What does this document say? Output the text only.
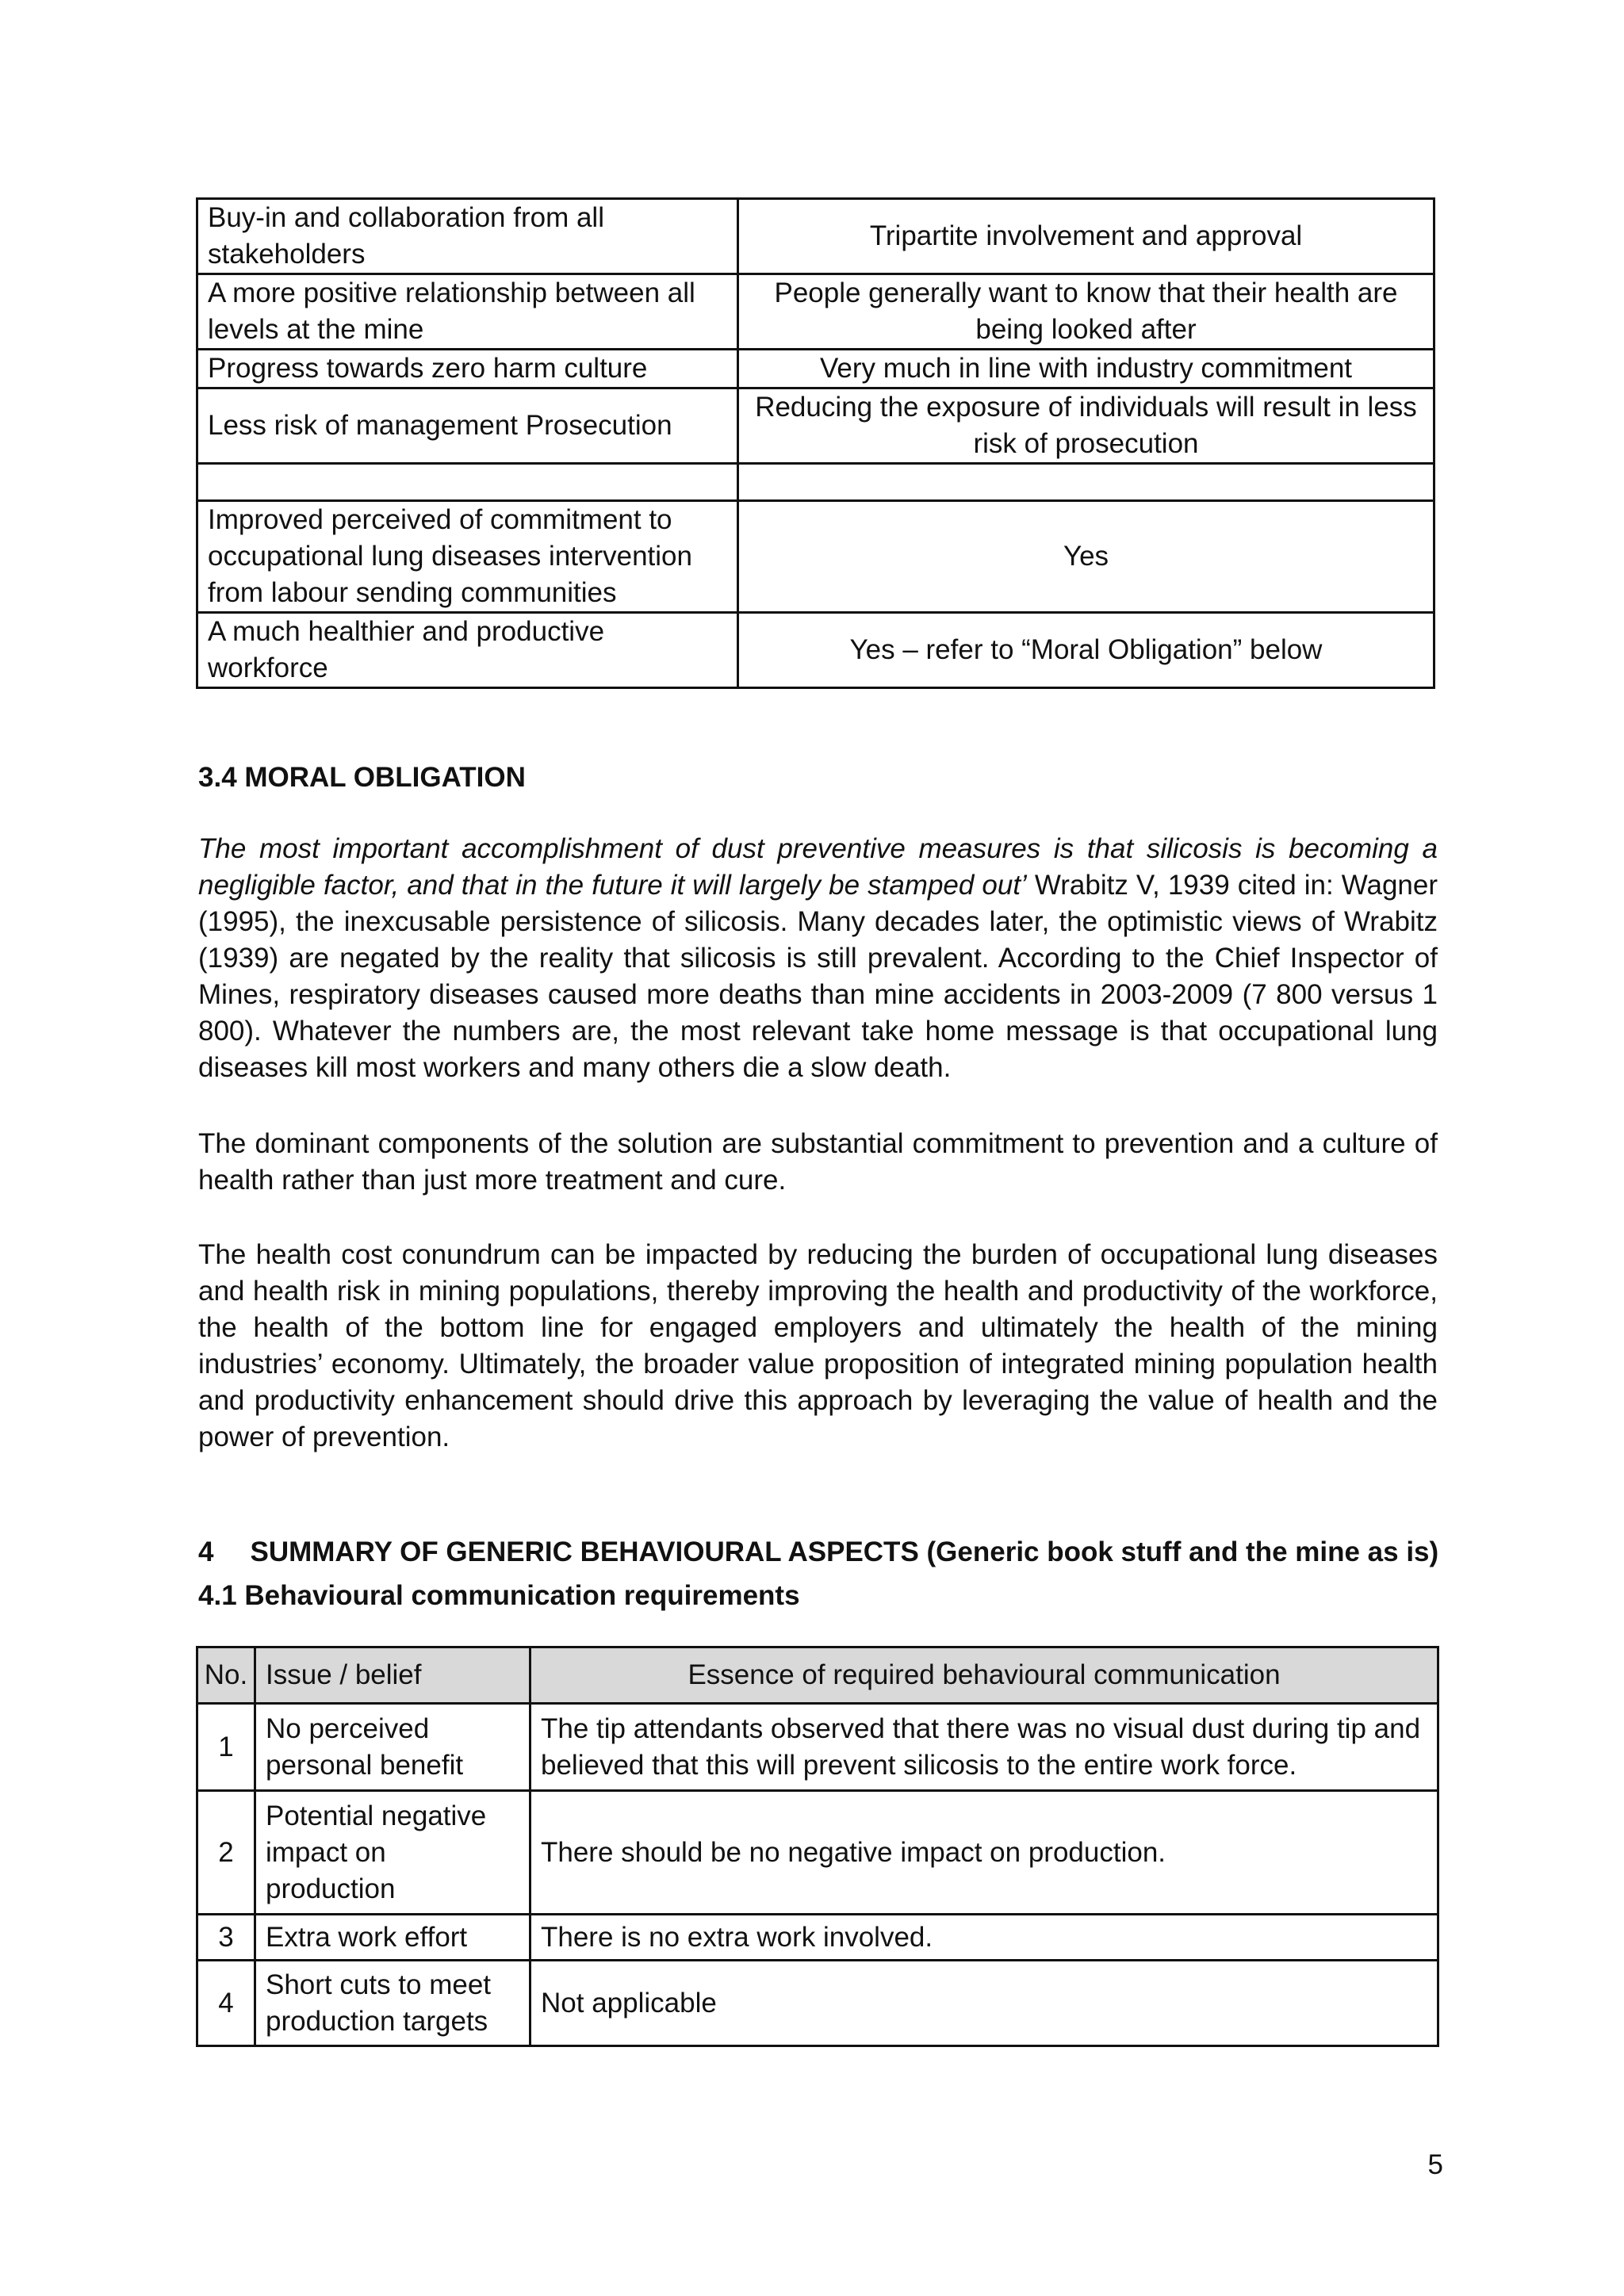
Buy-in and collaboration from all stakeholders	Tripartite involvement and approval
A more positive relationship between all levels at the mine	People generally want to know that their health are being looked after
Progress towards zero harm culture	Very much in line with industry commitment
Less risk of management Prosecution	Reducing the exposure of individuals will result in less risk of prosecution

Improved perceived of commitment to occupational lung diseases intervention from labour sending communities	Yes
A much healthier and productive workforce	Yes – refer to “Moral Obligation” below
3.4 MORAL OBLIGATION

The most important accomplishment of dust preventive measures is that silicosis is becoming a negligible factor, and that in the future it will largely be stamped out’ Wrabitz V, 1939 cited in: Wagner (1995), the inexcusable persistence of silicosis. Many decades later, the optimistic views of Wrabitz (1939) are negated by the reality that silicosis is still prevalent. According to the Chief Inspector of Mines, respiratory diseases caused more deaths than mine accidents in 2003-2009 (7 800 versus 1 800). Whatever the numbers are, the most relevant take home message is that occupational lung diseases kill most workers and many others die a slow death.

The dominant components of the solution are substantial commitment to prevention and a culture of health rather than just more treatment and cure.

The health cost conundrum can be impacted by reducing the burden of occupational lung diseases and health risk in mining populations, thereby improving the health and productivity of the workforce, the health of the bottom line for engaged employers and ultimately the health of the mining industries’ economy. Ultimately, the broader value proposition of integrated mining population health and productivity enhancement should drive this approach by leveraging the value of health and the power of prevention.

4 SUMMARY OF GENERIC BEHAVIOURAL ASPECTS (Generic book stuff and the mine as is)
4.1 Behavioural communication requirements
No.	Issue / belief	Essence of required behavioural communication
1	No perceived personal benefit	The tip attendants observed that there was no visual dust during tip and believed that this will prevent silicosis to the entire work force.
2	Potential negative impact on production	There should be no negative impact on production.
3	Extra work effort	There is no extra work involved.
4	Short cuts to meet production targets	Not applicable
5
